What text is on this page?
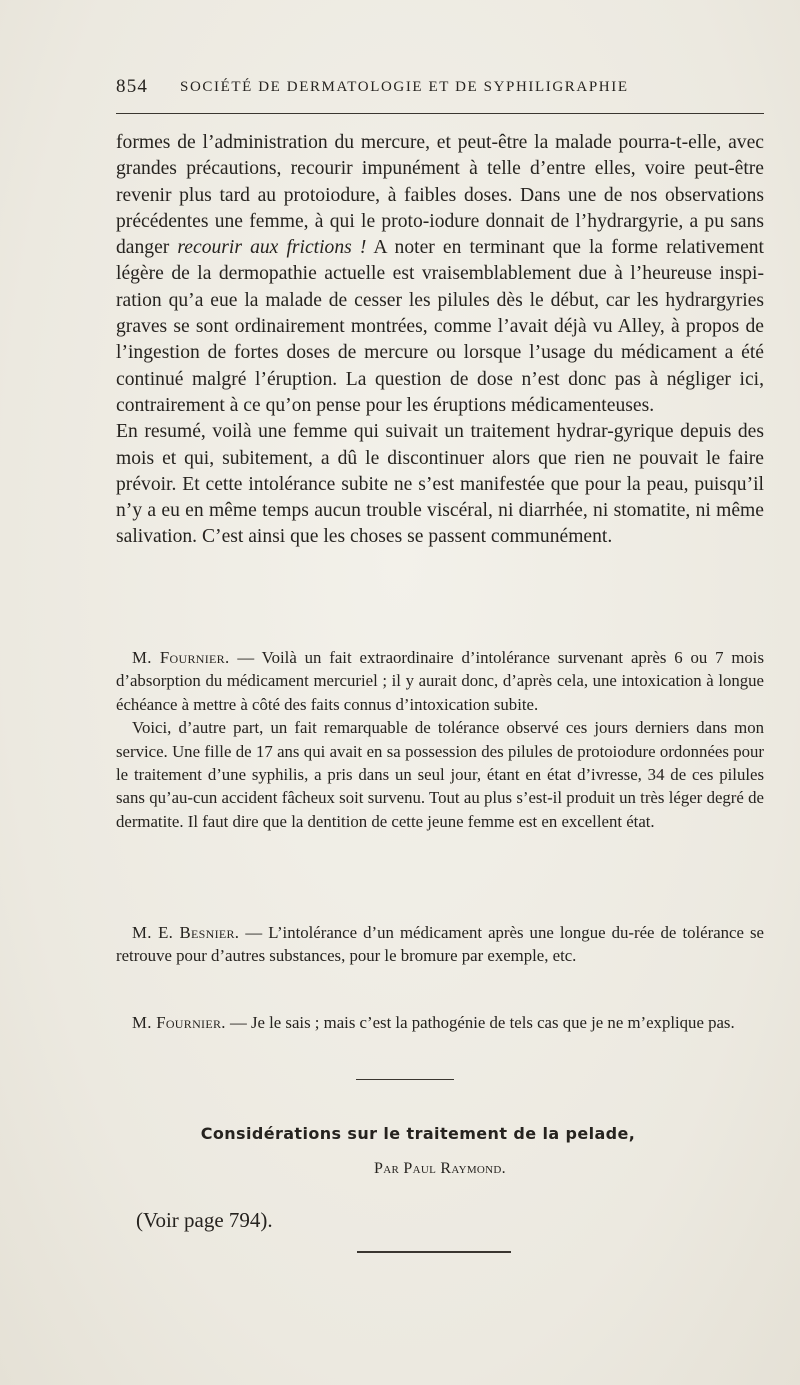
854 SOCIÉTÉ DE DERMATOLOGIE ET DE SYPHILIGRAPHIE

formes de l’administration du mercure, et peut-être la malade pourra-t-elle, avec grandes précautions, recourir impunément à telle d’entre elles, voire peut-être revenir plus tard au protoiodure, à faibles doses. Dans une de nos observations précédentes une femme, à qui le proto-iodure donnait de l’hydrargyrie, a pu sans danger recourir aux frictions ! A noter en terminant que la forme relativement légère de la dermopathie actuelle est vraisemblablement due à l’heureuse inspi-ration qu’a eue la malade de cesser les pilules dès le début, car les hydrargyries graves se sont ordinairement montrées, comme l’avait déjà vu Alley, à propos de l’ingestion de fortes doses de mercure ou lorsque l’usage du médicament a été continué malgré l’éruption. La question de dose n’est donc pas à négliger ici, contrairement à ce qu’on pense pour les éruptions médicamenteuses.

En resumé, voilà une femme qui suivait un traitement hydrar-gyrique depuis des mois et qui, subitement, a dû le discontinuer alors que rien ne pouvait le faire prévoir. Et cette intolérance subite ne s’est manifestée que pour la peau, puisqu’il n’y a eu en même temps aucun trouble viscéral, ni diarrhée, ni stomatite, ni même salivation. C’est ainsi que les choses se passent communément.

M. Fournier. — Voilà un fait extraordinaire d’intolérance survenant après 6 ou 7 mois d’absorption du médicament mercuriel ; il y aurait donc, d’après cela, une intoxication à longue échéance à mettre à côté des faits connus d’intoxication subite.

Voici, d’autre part, un fait remarquable de tolérance observé ces jours derniers dans mon service. Une fille de 17 ans qui avait en sa possession des pilules de protoiodure ordonnées pour le traitement d’une syphilis, a pris dans un seul jour, étant en état d’ivresse, 34 de ces pilules sans qu’au-cun accident fâcheux soit survenu. Tout au plus s’est-il produit un très léger degré de dermatite. Il faut dire que la dentition de cette jeune femme est en excellent état.

M. E. Besnier. — L’intolérance d’un médicament après une longue du-rée de tolérance se retrouve pour d’autres substances, pour le bromure par exemple, etc.

M. Fournier. — Je le sais ; mais c’est la pathogénie de tels cas que je ne m’explique pas.

Considérations sur le traitement de la pelade,
Par Paul Raymond.
(Voir page 794).
